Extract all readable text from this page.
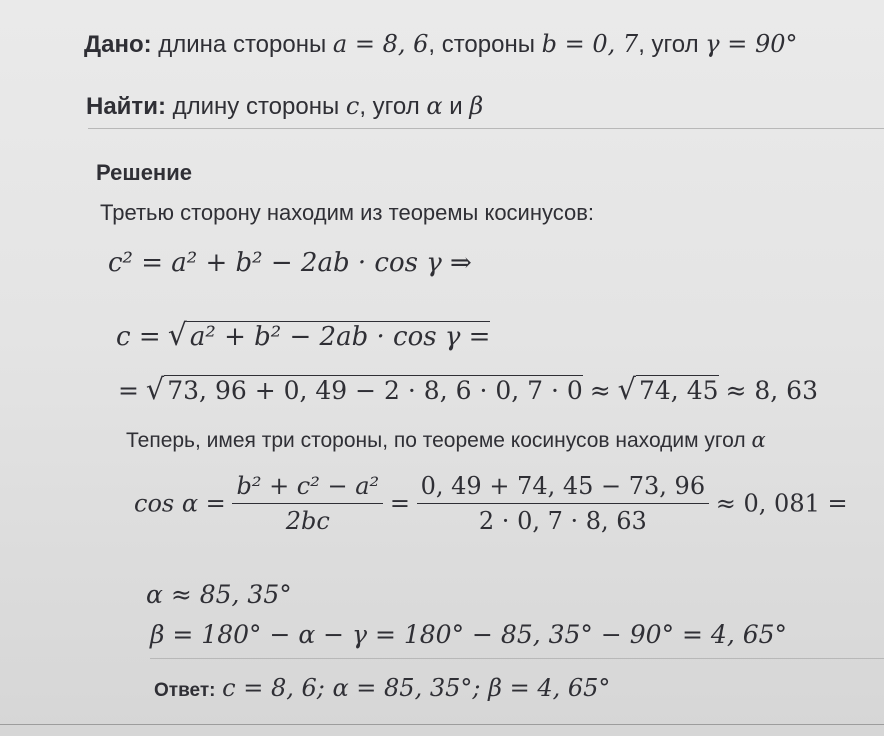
Дано: длина стороны a = 8, 6, стороны b = 0, 7, угол γ = 90°
Найти: длину стороны c, угол α и β
Решение
Третью сторону находим из теоремы косинусов:
c² = a² + b² − 2ab · cos γ ⇒
c = √ a² + b² − 2ab · cos γ =
= √ 73, 96 + 0, 49 − 2 · 8, 6 · 0, 7 · 0 ≈ √ 74, 45 ≈ 8, 63
Теперь, имея три стороны, по теореме косинусов находим угол α
$\cos \alpha = \frac{\text{b² + c² − a²}}{2bc} = \frac{0, 49 + 74, 45 - 73, 96}{2 \cdot 0, 7 \cdot 8, 63} \approx 0$, 081 =
α ≈ 85, 35°
β = 180° − α − γ = 180° − 85, 35° − 90° = 4, 65°
Ответ: c = 8, 6; α = 85, 35°; β = 4, 65°
